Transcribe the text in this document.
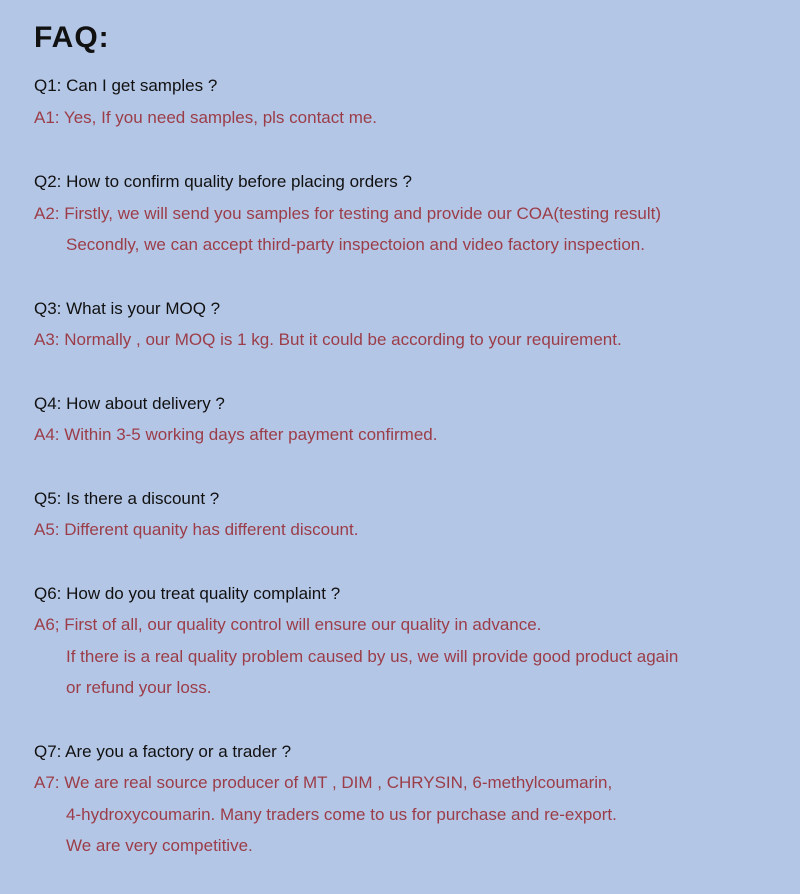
FAQ:

Q1: Can I get samples ?

A1: Yes, If you need samples, pls contact me.

Q2: How to confirm quality before placing orders ?

A2: Firstly, we will send you samples for testing and provide our COA(testing result)

Secondly, we can accept third-party inspectoion and video factory inspection.

Q3: What is your MOQ ?

A3: Normally , our MOQ is 1 kg. But it could be according to your requirement.

Q4: How about delivery ?

A4: Within 3-5 working days after payment confirmed.

Q5: Is there a discount ?

A5: Different quanity has different discount.

Q6: How do you treat quality complaint ?

A6; First of all, our quality control will ensure our quality in advance.

If there is a real quality problem caused by us, we will provide good product again

or refund your loss.

Q7: Are you a factory or a trader ?

A7: We are real source producer of MT , DIM , CHRYSIN, 6-methylcoumarin,

4-hydroxycoumarin. Many traders come to us for purchase and re-export.

We are very competitive.
